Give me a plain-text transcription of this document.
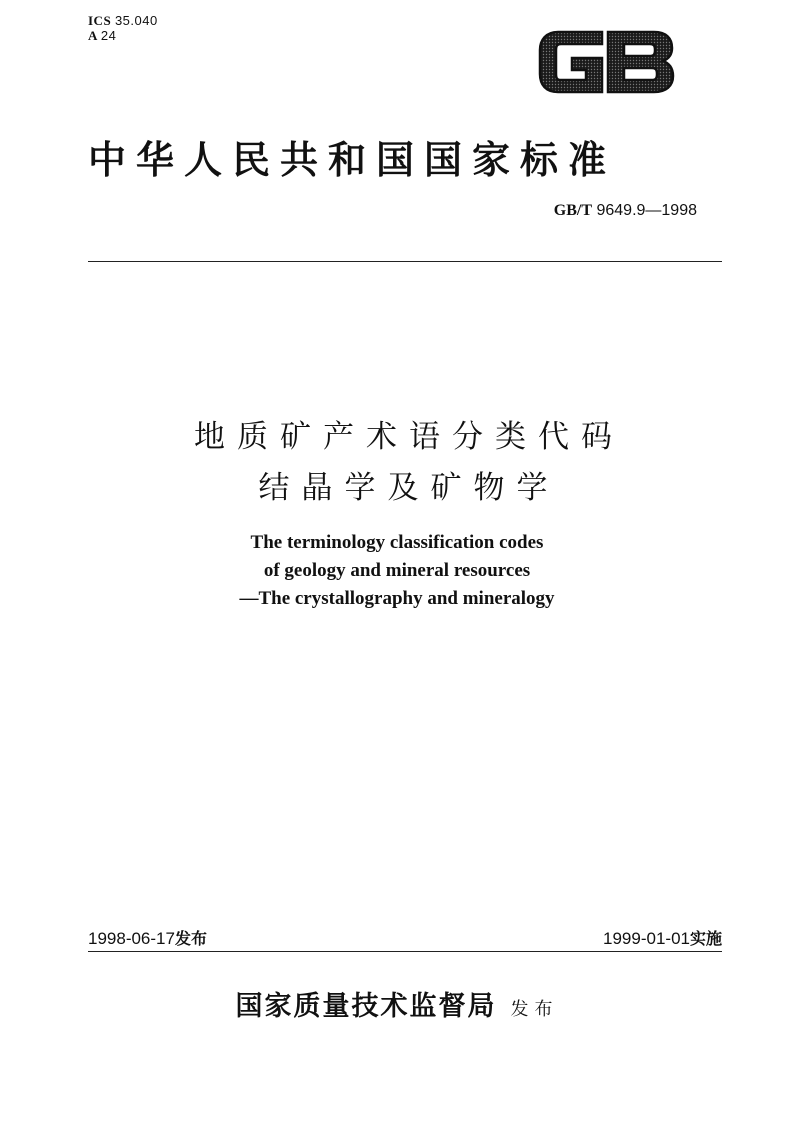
ICS 35.040
A 24
GB
中华人民共和国国家标准
GB/T 9649.9—1998
地质矿产术语分类代码
结晶学及矿物学
The terminology classification codes
of geology and mineral resources
—The crystallography and mineralogy
1998-06-17发布	1999-01-01实施
国家质量技术监督局 发布
